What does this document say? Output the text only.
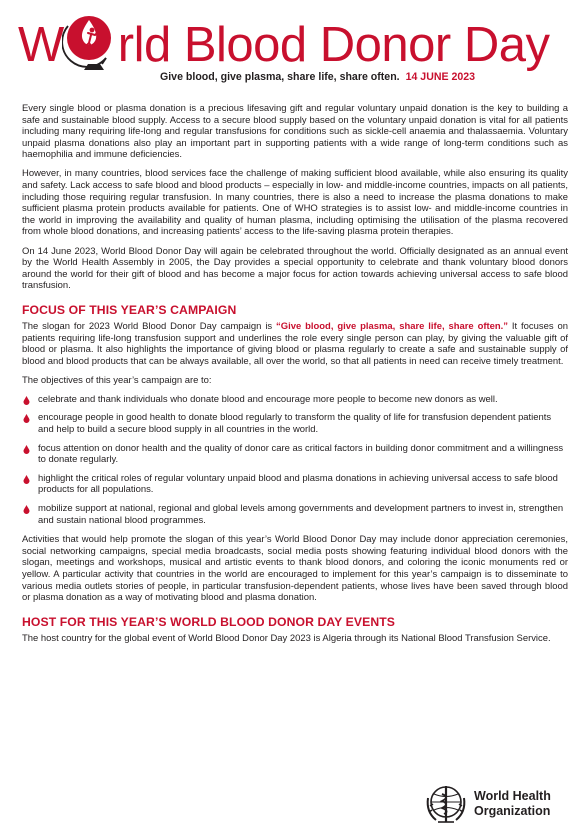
W rld Blood Donor Day
Give blood, give plasma, share life, share often. 14 JUNE 2023

Every single blood or plasma donation is a precious lifesaving gift and regular voluntary unpaid donation is the key to building a safe and sustainable blood supply. Access to a secure blood supply based on the voluntary unpaid donation is vital for all patients including many requiring life-long and regular transfusions for conditions such as sickle-cell anaemia and thalassaemia. Voluntary unpaid plasma donations also play an important part in supporting patients with a wide range of long-term conditions such as haemophilia and immune deficiencies.

However, in many countries, blood services face the challenge of making sufficient blood available, while also ensuring its quality and safety. Lack access to safe blood and blood products – especially in low- and middle-income countries, impacts on all patients, including those requiring regular transfusion. In many countries, there is also a need to increase the plasma donations to make sufficient plasma protein products available for patients. One of WHO strategies is to assist low- and middle-income countries in the world in improving the availability and quality of human plasma, including optimising the utilisation of the plasma recovered from whole blood donations, and increasing patients’ access to the life-saving plasma protein therapies.

On 14 June 2023, World Blood Donor Day will again be celebrated throughout the world. Officially designated as an annual event by the World Health Assembly in 2005, the Day provides a special opportunity to celebrate and thank voluntary blood donors around the world for their gift of blood and has become a major focus for action towards achieving universal access to safe blood transfusion.

FOCUS OF THIS YEAR’S CAMPAIGN

The slogan for 2023 World Blood Donor Day campaign is “Give blood, give plasma, share life, share often.” It focuses on patients requiring life-long transfusion support and underlines the role every single person can play, by giving the valuable gift of blood or plasma. It also highlights the importance of giving blood or plasma regularly to create a safe and sustainable supply of blood and blood products that can be always available, all over the world, so that all patients in need can receive timely treatment.

The objectives of this year’s campaign are to:

celebrate and thank individuals who donate blood and encourage more people to become new donors as well.
encourage people in good health to donate blood regularly to transform the quality of life for transfusion dependent patients and help to build a secure blood supply in all countries in the world.
focus attention on donor health and the quality of donor care as critical factors in building donor commitment and a willingness to donate regularly.
highlight the critical roles of regular voluntary unpaid blood and plasma donations in achieving universal access to safe blood products for all populations.
mobilize support at national, regional and global levels among governments and development partners to invest in, strengthen and sustain national blood programmes.

Activities that would help promote the slogan of this year’s World Blood Donor Day may include donor appreciation ceremonies, social networking campaigns, special media broadcasts, social media posts showing featuring individual blood donors with the slogan, meetings and workshops, musical and artistic events to thank blood donors, and coloring the iconic monuments red or yellow. A particular activity that countries in the world are encouraged to implement for this year’s campaign is to disseminate to various media outlets stories of people, in particular transfusion-dependent patients, whose lives have been saved through blood or plasma donation as a way of motivating blood and plasma donation.

HOST FOR THIS YEAR’S WORLD BLOOD DONOR DAY EVENTS

The host country for the global event of World Blood Donor Day 2023 is Algeria through its National Blood Transfusion Service.

World Health
Organization
